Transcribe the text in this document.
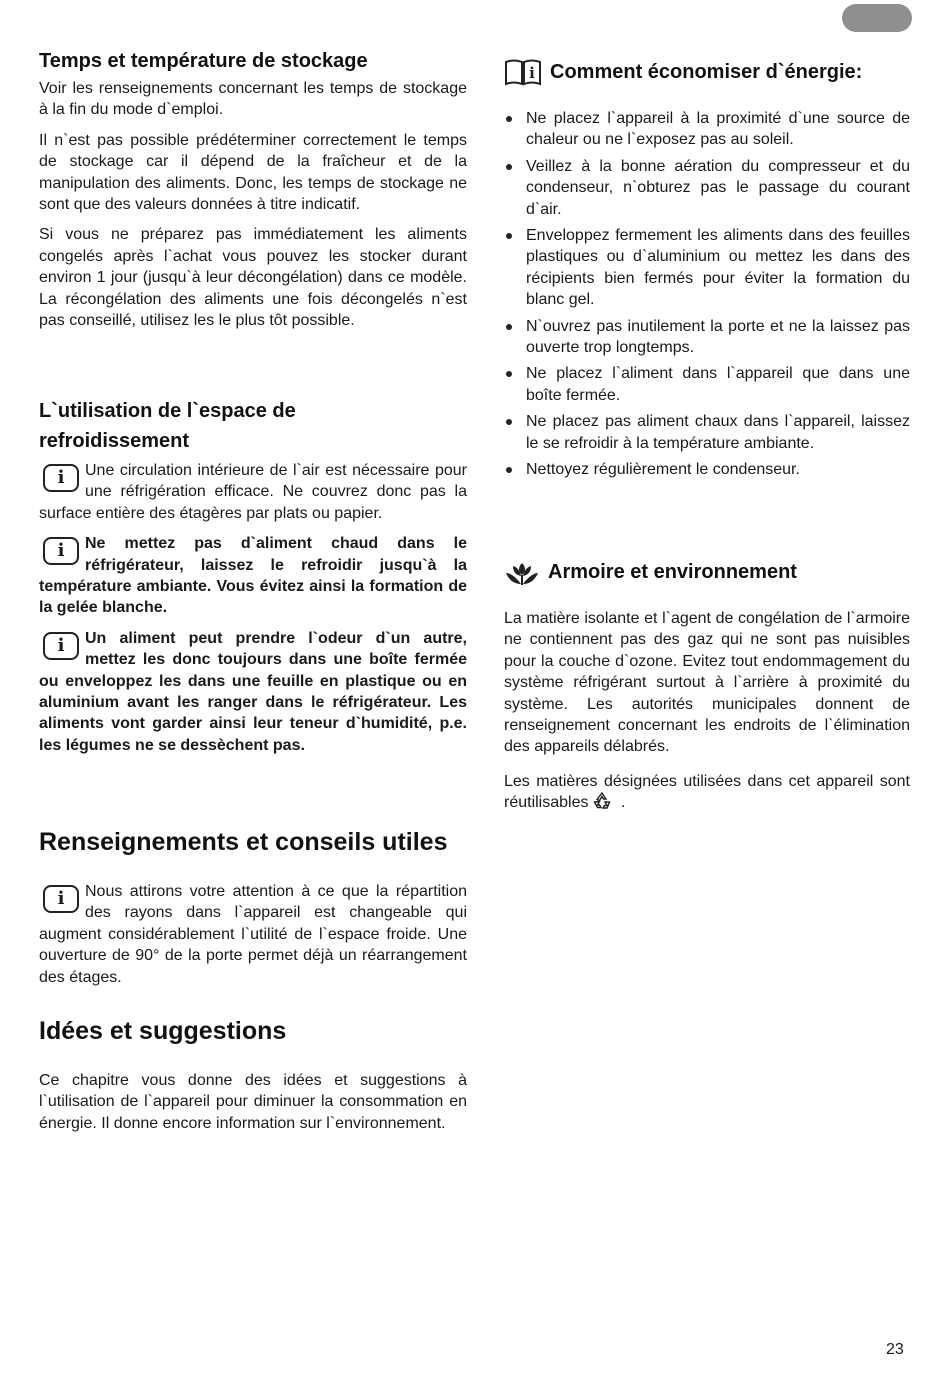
Temps et température de stockage

Voir les renseignements concernant les temps de stockage à la fin du mode d`emploi.

Il n`est pas possible prédéterminer correctement le temps de stockage car il dépend de la fraîcheur et de la manipulation des aliments. Donc, les temps de stockage ne sont que des valeurs données à titre indicatif.

Si vous ne préparez pas immédiatement les aliments congelés après l`achat vous pouvez les stocker durant environ 1 jour (jusqu`à leur décongélation) dans ce modèle. La récongélation des aliments une fois décongelés n`est pas conseillé, utilisez les le plus tôt possible.

L`utilisation de l`espace de refroidissement
i	Une circulation intérieure de l`air est nécessaire pour une réfrigération efficace. Ne couvrez donc pas la surface entière des étagères par plats ou papier.

i	Ne mettez pas d`aliment chaud dans le réfrigérateur, laissez le refroidir jusqu`à la température ambiante. Vous évitez ainsi la formation de la gelée blanche.

i	Un aliment peut prendre l`odeur d`un autre, mettez les donc toujours dans une boîte fermée ou enveloppez les dans une feuille en plastique ou en aluminium avant les ranger dans le réfrigérateur. Les aliments vont garder ainsi leur teneur d`humidité, p.e. les légumes ne se dessèchent pas.

Renseignements et conseils utiles
i	Nous attirons votre attention à ce que la répartition des rayons dans l`appareil est changeable qui augment considérablement l`utilité de l`espace froide. Une ouverture de 90° de la porte permet déjà un réarrangement des étages.

Idées et suggestions

Ce chapitre vous donne des idées et suggestions à l`utilisation de l`appareil pour diminuer la consommation en énergie. Il donne encore information sur l`environnement.

i Comment économiser d`énergie:
Ne placez l`appareil à la proximité d`une source de chaleur ou ne l`exposez pas au soleil.
Veillez à la bonne aération du compresseur et du condenseur, n`obturez pas le passage du courant d`air.
Enveloppez fermement les aliments dans des feuilles plastiques ou d`aluminium ou mettez les dans des récipients bien fermés pour éviter la formation du blanc gel.
N`ouvrez pas inutilement la porte et ne la laissez pas ouverte trop longtemps.
Ne placez l`aliment dans l`appareil que dans une boîte fermée.
Ne placez pas aliment chaux dans l`appareil, laissez le se refroidir à la température ambiante.
Nettoyez régulièrement le condenseur.
Armoire et environnement

La matière isolante et l`agent de congélation de l`armoire ne contiennent pas des gaz qui ne sont pas nuisibles pour la couche d`ozone. Evitez tout endommagement du système réfrigérant surtout à l`arrière à proximité du système. Les autorités municipales donnent de renseignement concernant les endroits de l`élimination des appareils délabrés.

Les matières désignées utilisées dans cet appareil sont réutilisables .

23
